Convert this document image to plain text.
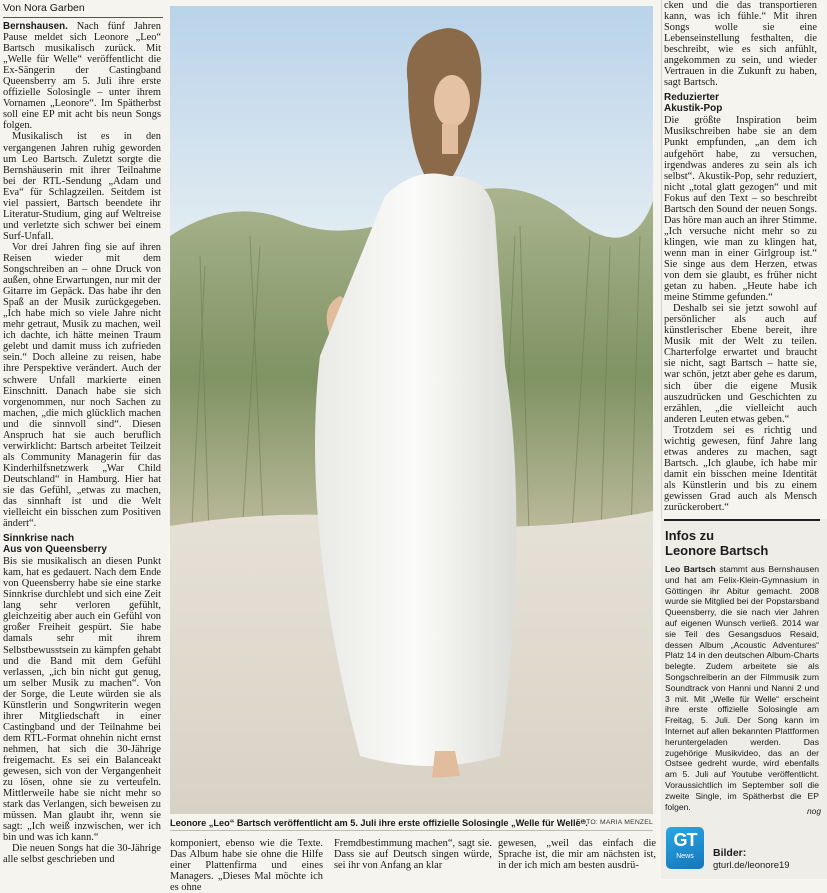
Von Nora Garben

Bernshausen. Nach fünf Jahren Pause meldet sich Leonore „Leo“ Bartsch musikalisch zurück. Mit „Welle für Welle“ veröffentlicht die Ex-Sängerin der Castingband Queensberry am 5. Juli ihre erste offizielle Solosingle – unter ihrem Vornamen „Leonore“. Im Spätherbst soll eine EP mit acht bis neun Songs folgen.

Musikalisch ist es in den vergangenen Jahren ruhig geworden um Leo Bartsch. Zuletzt sorgte die Bernshäuserin mit ihrer Teilnahme bei der RTL-Sendung „Adam und Eva“ für Schlagzeilen. Seitdem ist viel passiert, Bartsch beendete ihr Literatur-Studium, ging auf Weltreise und verletzte sich schwer bei einem Surf-Unfall.

Vor drei Jahren fing sie auf ihren Reisen wieder mit dem Songschreiben an – ohne Druck von außen, ohne Erwartungen, nur mit der Gitarre im Gepäck. Das habe ihr den Spaß an der Musik zurückgegeben. „Ich habe mich so viele Jahre nicht mehr getraut, Musik zu machen, weil ich dachte, ich hätte meinen Traum gelebt und damit muss ich zufrieden sein.“ Doch alleine zu reisen, habe ihre Perspektive verändert. Auch der schwere Unfall markierte einen Einschnitt. Danach habe sie sich vorgenommen, nur noch Sachen zu machen, „die mich glücklich machen und die sinnvoll sind“. Diesen Anspruch hat sie auch beruflich verwirklicht: Bartsch arbeitet Teilzeit als Community Managerin für das Kinderhilfsnetzwerk „War Child Deutschland“ in Hamburg. Hier hat sie das Gefühl, „etwas zu machen, das sinnhaft ist und die Welt vielleicht ein bisschen zum Positiven ändert“.

Sinnkrise nach
Aus von Queensberry

Bis sie musikalisch an diesen Punkt kam, hat es gedauert. Nach dem Ende von Queensberry habe sie eine starke Sinnkrise durchlebt und sich eine Zeit lang sehr verloren gefühlt, gleichzeitig aber auch ein Gefühl von großer Freiheit gespürt. Sie habe damals sehr mit ihrem Selbstbewusstsein zu kämpfen gehabt und die Band mit dem Gefühl verlassen, „ich bin nicht gut genug, um selber Musik zu machen“. Von der Sorge, die Leute würden sie als Künstlerin und Songwriterin wegen ihrer Mitgliedschaft in einer Castingband und der Teilnahme bei dem RTL-Format ohnehin nicht ernst nehmen, hat sich die 30-Jährige freigemacht. Es sei ein Balanceakt gewesen, sich von der Vergangenheit zu lösen, ohne sie zu verteufeln. Mittlerweile habe sie nicht mehr so stark das Verlangen, sich beweisen zu müssen. Man glaubt ihr, wenn sie sagt: „Ich weiß inzwischen, wer ich bin und was ich kann.“

Die neuen Songs hat die 30-Jährige alle selbst geschrieben und

Leonore „Leo“ Bartsch veröffentlicht am 5. Juli ihre erste offizielle Solosingle „Welle für Welle“.
FOTO: MARIA MENZEL

komponiert, ebenso wie die Texte. Das Album habe sie ohne die Hilfe einer Plattenfirma und eines Managers. „Dieses Mal möchte ich es ohne

Fremdbestimmung machen“, sagt sie. Dass sie auf Deutsch singen würde, sei ihr von Anfang an klar

gewesen, „weil das einfach die Sprache ist, die mir am nächsten ist, in der ich mich am besten ausdrü-

cken und die das transportieren kann, was ich fühle.“ Mit ihren Songs wolle sie eine Lebenseinstellung festhalten, die beschreibt, wie es sich anfühlt, angekommen zu sein, und wieder Vertrauen in die Zukunft zu haben, sagt Bartsch.

Reduzierter
Akustik-Pop

Die größte Inspiration beim Musikschreiben habe sie an dem Punkt empfunden, „an dem ich aufgehört habe, zu versuchen, irgendwas anderes zu sein als ich selbst“. Akustik-Pop, sehr reduziert, nicht „total glatt gezogen“ und mit Fokus auf den Text – so beschreibt Bartsch den Sound der neuen Songs. Das höre man auch an ihrer Stimme. „Ich versuche nicht mehr so zu klingen, wie man zu klingen hat, wenn man in einer Girlgroup ist.“ Sie singe aus dem Herzen, etwas von dem sie glaubt, es früher nicht getan zu haben. „Heute habe ich meine Stimme gefunden.“

Deshalb sei sie jetzt sowohl auf persönlicher als auch auf künstlerischer Ebene bereit, ihre Musik mit der Welt zu teilen. Charterfolge erwartet und braucht sie nicht, sagt Bartsch – hatte sie, war schön, jetzt aber gehe es darum, sich über die eigene Musik auszudrücken und Geschichten zu erzählen, „die vielleicht auch anderen Leuten etwas geben.“

Trotzdem sei es richtig und wichtig gewesen, fünf Jahre lang etwas anderes zu machen, sagt Bartsch. „Ich glaube, ich habe mir damit ein bisschen meine Identität als Künstlerin und bis zu einem gewissen Grad auch als Mensch zurückerobert.“

Infos zu
Leonore Bartsch
Leo Bartsch stammt aus Bernshausen und hat am Felix-Klein-Gymnasium in Göttingen ihr Abitur gemacht. 2008 wurde sie Mitglied bei der Popstarsband Queensberry, die sie nach vier Jahren auf eigenen Wunsch verließ. 2014 war sie Teil des Gesangsduos Resaid, dessen Album „Acoustic Adventures“ Platz 14 in den deutschen Album-Charts belegte. Zudem arbeitete sie als Songschreiberin an der Filmmusik zum Soundtrack von Hanni und Nanni 2 und 3 mit. Mit „Welle für Welle“ erscheint ihre erste offizielle Solosingle am Freitag, 5. Juli. Der Song kann im Internet auf allen bekannten Plattformen heruntergeladen werden. Das zugehörige Musikvideo, das an der Ostsee gedreht wurde, wird ebenfalls am 5. Juli auf Youtube veröffentlicht. Voraussichtlich im September soll die zweite Single, im Spätherbst die EP folgen.	nog
GT
News	Bilder:
gturl.de/leonore19
